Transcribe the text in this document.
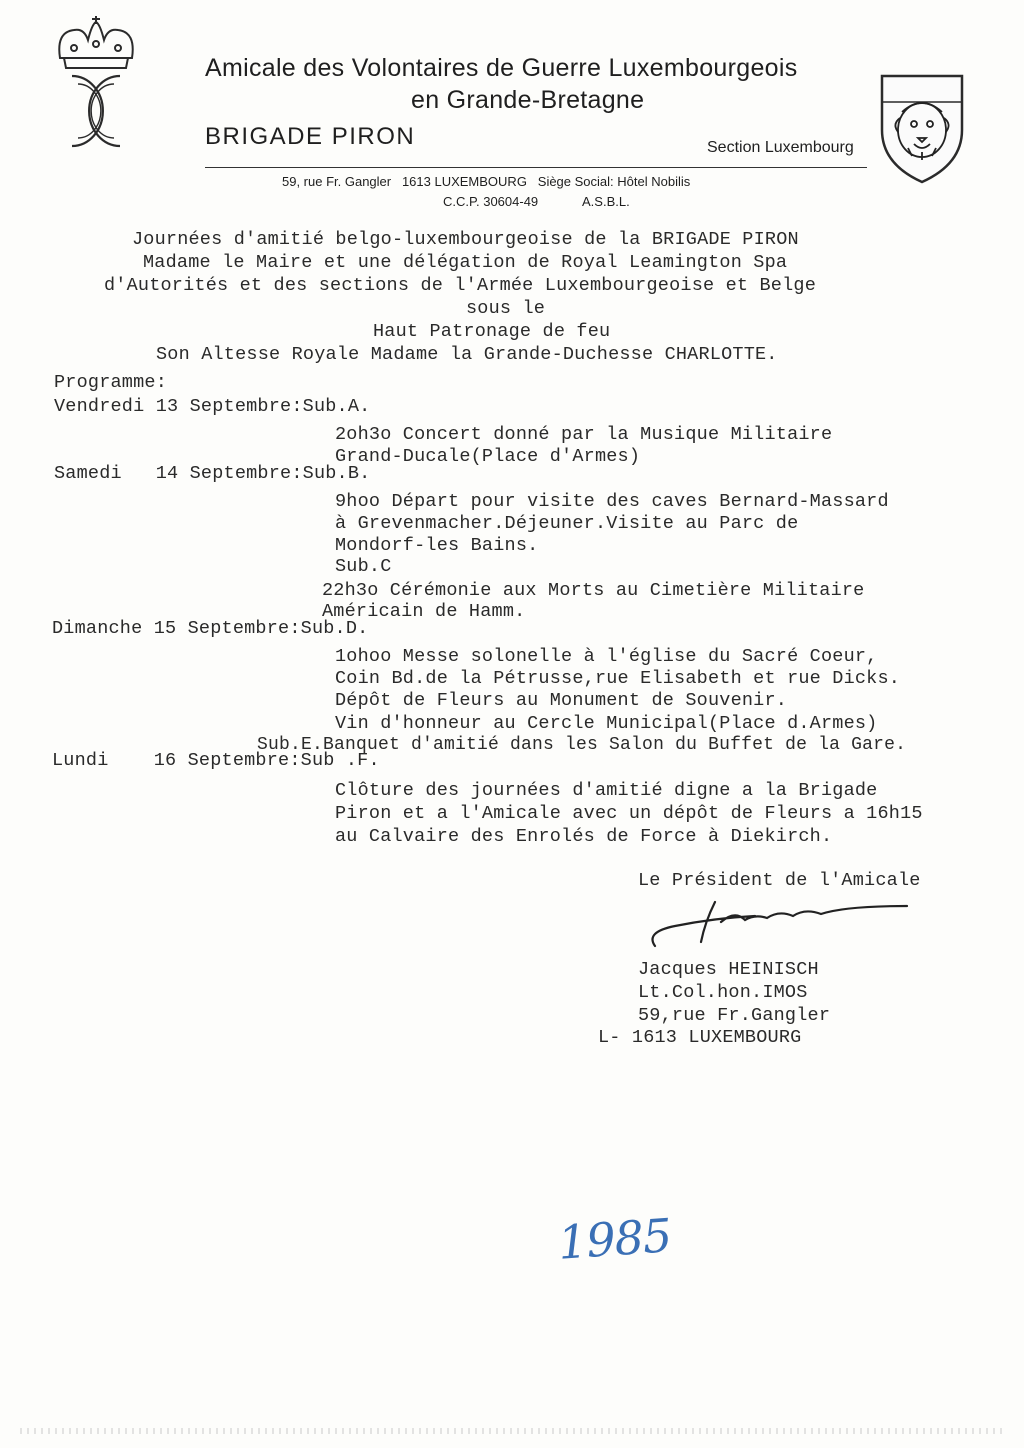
Amicale des Volontaires de Guerre Luxembourgeois
en Grande-Bretagne
BRIGADE PIRON	Section Luxembourg
59, rue Fr. Gangler   1613 LUXEMBOURG   Siège Social: Hôtel Nobilis
C.C.P. 30604-49	A.S.B.L.
Journées d'amitié belgo-luxembourgeoise de la BRIGADE PIRON
Madame le Maire et une délégation de Royal Leamington Spa
d'Autorités et des sections de l'Armée Luxembourgeoise et Belge
sous le
Haut Patronage de feu
Son Altesse Royale Madame la Grande-Duchesse CHARLOTTE.
Programme:
Vendredi 13 Septembre:Sub.A.
2oh3o Concert donné par la Musique Militaire
Grand-Ducale(Place d'Armes)
Samedi   14 Septembre:Sub.B.
9hoo Départ pour visite des caves Bernard-Massard
à Grevenmacher.Déjeuner.Visite au Parc de
Mondorf-les Bains.
Sub.C
22h3o Cérémonie aux Morts au Cimetière Militaire
Américain de Hamm.
Dimanche 15 Septembre:Sub.D.
1ohoo Messe solonelle à l'église du Sacré Coeur,
Coin Bd.de la Pétrusse,rue Elisabeth et rue Dicks.
Dépôt de Fleurs au Monument de Souvenir.
Vin d'honneur au Cercle Municipal(Place d.Armes)
Sub.E.Banquet d'amitié dans les Salon du Buffet de la Gare.
Lundi    16 Septembre:Sub .F.
Clôture des journées d'amitié digne a la Brigade
Piron et a l'Amicale avec un dépôt de Fleurs a 16h15
au Calvaire des Enrolés de Force à Diekirch.
Le Président de l'Amicale
Jacques HEINISCH
Lt.Col.hon.IMOS
59,rue Fr.Gangler
L- 1613 LUXEMBOURG
1985
